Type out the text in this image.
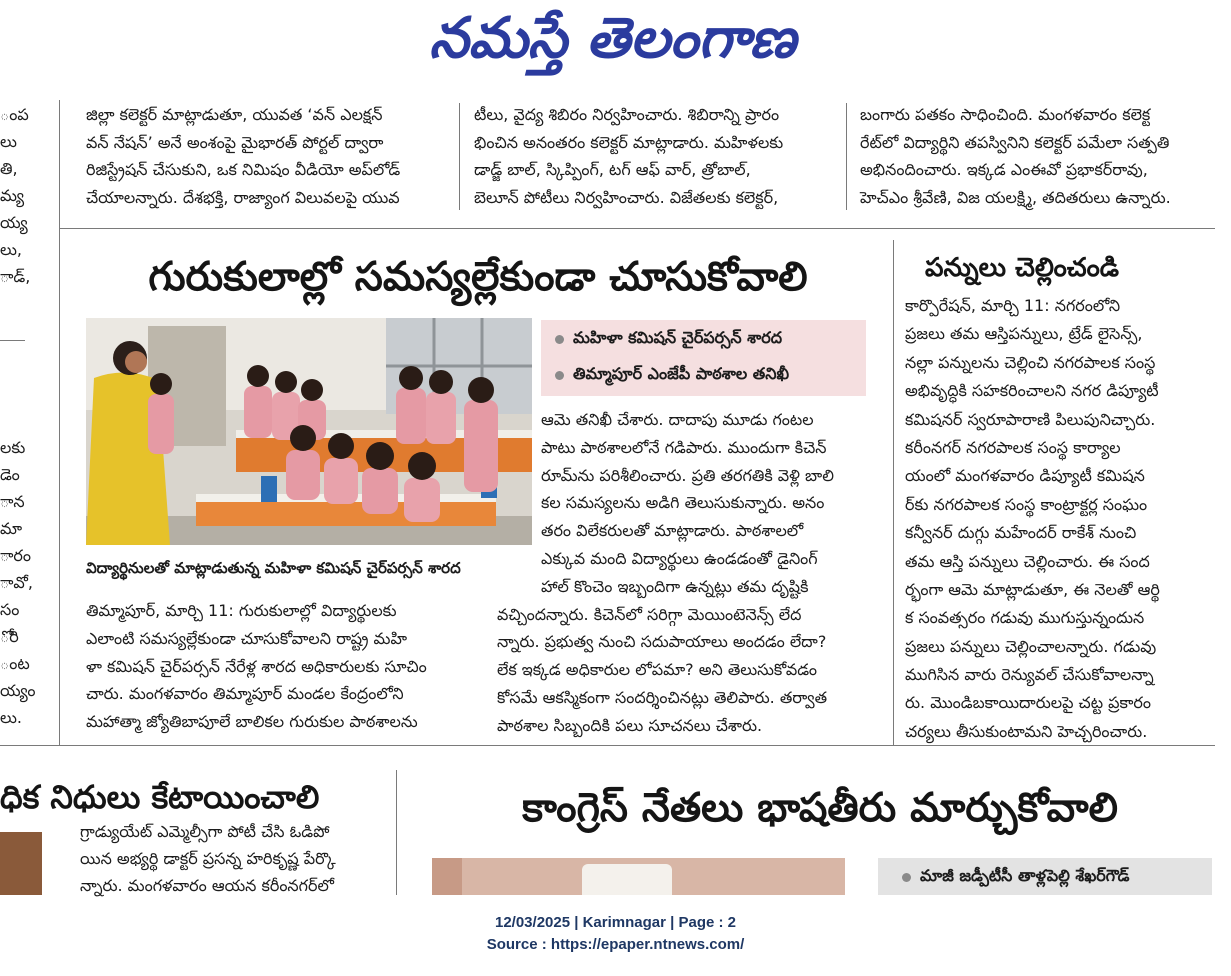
నమస్తే తెలంగాణ
ంప
లు
తి,
మ్య
య్య
లు,
ాడ్,
జిల్లా కలెక్టర్ మాట్లాడుతూ, యువత ‘వన్ ఎలక్షన్
వన్ నేషన్’ అనే అంశంపై మైభారత్ పోర్టల్ ద్వారా
రిజిస్ట్రేషన్ చేసుకుని, ఒక నిమిషం వీడియో అప్‌లోడ్
చేయాలన్నారు. దేశభక్తి, రాజ్యాంగ విలువలపై యువ
టీలు, వైద్య శిబిరం నిర్వహించారు. శిబిరాన్ని ప్రారం
భించిన అనంతరం కలెక్టర్ మాట్లాడారు. మహిళలకు
డాడ్జ్ బాల్, స్కిప్పింగ్, టగ్ ఆఫ్ వార్, త్రోబాల్,
బెలూన్ పోటీలు నిర్వహించారు. విజేతలకు కలెక్టర్,
బంగారు పతకం సాధించింది. మంగళవారం కలెక్ట
రేట్‌లో విద్యార్థిని తపస్వినిని కలెక్టర్ పమేలా సత్పతి
అభినందించారు. ఇక్కడ ఎంఈవో ప్రభాకర్‌రావు,
హెచ్ఎం శ్రీవేణి, విజ యలక్ష్మి, తదితరులు ఉన్నారు.
లకు
డెం
ాన
మా
ారం
ావో,
సం
ోరి
ంట
య్యం
లు.
గురుకులాల్లో సమస్యల్లేకుండా చూసుకోవాలి
విద్యార్థినులతో మాట్లాడుతున్న మహిళా కమిషన్ చైర్‌పర్సన్ శారద
మహిళా కమిషన్ చైర్‌పర్సన్ శారద
తిమ్మాపూర్ ఎంజేపీ పాఠశాల తనిఖీ
ఆమె తనిఖీ చేశారు. దాదాపు మూడు గంటల
పాటు పాఠశాలలోనే గడిపారు. ముందుగా కిచెన్
రూమ్‌ను పరిశీలించారు. ప్రతి తరగతికి వెళ్లి బాలి
కల సమస్యలను అడిగి తెలుసుకున్నారు. అనం
తరం విలేకరులతో మాట్లాడారు. పాఠశాలలో
ఎక్కువ మంది విద్యార్థులు ఉండడంతో డైనింగ్
హాల్ కొంచెం ఇబ్బందిగా ఉన్నట్లు తమ దృష్టికి
వచ్చిందన్నారు. కిచెన్‌లో సరిగ్గా మెయింటెనెన్స్ లేద
న్నారు. ప్రభుత్వ నుంచి సదుపాయాలు అందడం లేదా?
లేక ఇక్కడ అధికారుల లోపమా? అని తెలుసుకోవడం
కోసమే ఆకస్మికంగా సందర్శించినట్లు తెలిపారు. తర్వాత
పాఠశాల సిబ్బందికి పలు సూచనలు చేశారు.
తిమ్మాపూర్, మార్చి 11: గురుకులాల్లో విద్యార్థులకు
ఎలాంటి సమస్యల్లేకుండా చూసుకోవాలని రాష్ట్ర మహి
ళా కమిషన్ చైర్‌పర్సన్ నేరేళ్ల శారద అధికారులకు సూచిం
చారు. మంగళవారం తిమ్మాపూర్ మండల కేంద్రంలోని
మహాత్మా జ్యోతిబాపూలే బాలికల గురుకుల పాఠశాలను
పన్నులు చెల్లించండి
కార్పొరేషన్, మార్చి 11: నగరంలోని
ప్రజలు తమ ఆస్తిపన్నులు, ట్రేడ్ లైసెన్స్,
నల్లా పన్నులను చెల్లించి నగరపాలక సంస్థ
అభివృద్ధికి సహకరించాలని నగర డిప్యూటీ
కమిషనర్ స్వరూపారాణి పిలుపునిచ్చారు.
కరీంనగర్ నగరపాలక సంస్థ కార్యాల
యంలో మంగళవారం డిప్యూటీ కమిషన
ర్‌కు నగరపాలక సంస్థ కాంట్రాక్టర్ల సంఘం
కన్వీనర్ దుగ్గు మహేందర్ రాకేశ్ నుంచి
తమ ఆస్తి పన్నులు చెల్లించారు. ఈ సంద
ర్భంగా ఆమె మాట్లాడుతూ, ఈ నెలతో ఆర్థి
క సంవత్సరం గడువు ముగుస్తున్నందున
ప్రజలు పన్నులు చెల్లించాలన్నారు. గడువు
ముగిసిన వారు రెన్యువల్ చేసుకోవాలన్నా
రు. మొండిబకాయిదారులపై చట్ట ప్రకారం
చర్యలు తీసుకుంటామని హెచ్చరించారు.
ధిక నిధులు కేటాయించాలి
గ్రాడ్యుయేట్ ఎమ్మెల్సీగా పోటీ చేసి ఓడిపో
యిన అభ్యర్థి డాక్టర్ ప్రసన్న హరికృష్ణ పేర్కొ
న్నారు. మంగళవారం ఆయన కరీంనగర్‌లో
కాంగ్రెస్ నేతలు భాషతీరు మార్చుకోవాలి
మాజీ జడ్పీటీసీ తాళ్లపెల్లి శేఖర్‌గౌడ్
12/03/2025 | Karimnagar | Page : 2
Source : https://epaper.ntnews.com/
